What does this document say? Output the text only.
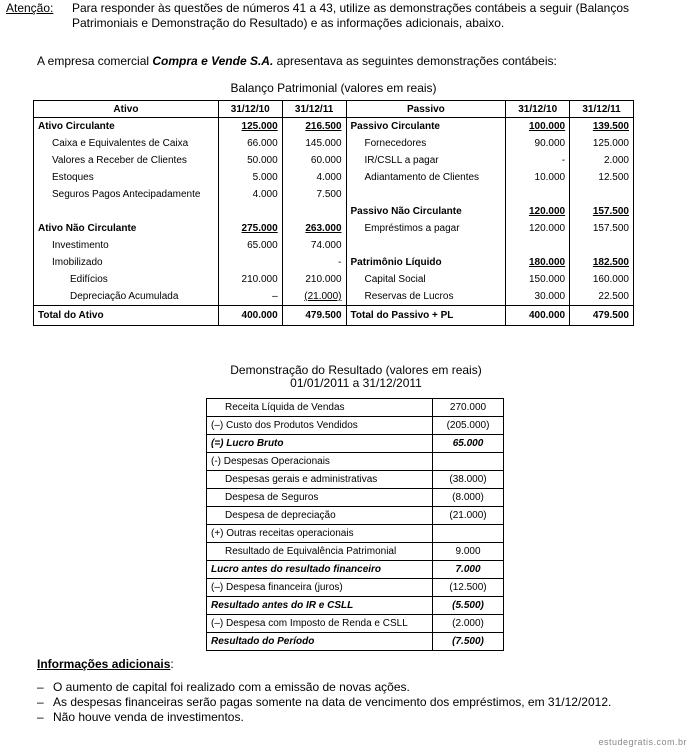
Atenção: Para responder às questões de números 41 a 43, utilize as demonstrações contábeis a seguir (Balanços Patrimoniais e Demonstração do Resultado) e as informações adicionais, abaixo.
A empresa comercial Compra e Vende S.A. apresentava as seguintes demonstrações contábeis:
Balanço Patrimonial (valores em reais)
Ativo	31/12/10	31/12/11	Passivo	31/12/10	31/12/11
Ativo Circulante	125.000	216.500	Passivo Circulante	100.000	139.500
Caixa e Equivalentes de Caixa	66.000	145.000	Fornecedores	90.000	125.000
Valores a Receber de Clientes	50.000	60.000	IR/CSLL a pagar	-	2.000
Estoques	5.000	4.000	Adiantamento de Clientes	10.000	12.500
Seguros Pagos Antecipadamente	4.000	7.500			
			Passivo Não Circulante	120.000	157.500
Ativo Não Circulante	275.000	263.000	Empréstimos a pagar	120.000	157.500
Investimento	65.000	74.000			
Imobilizado		-	Patrimônio Líquido	180.000	182.500
Edifícios	210.000	210.000	Capital Social	150.000	160.000
Depreciação Acumulada	–	(21.000)	Reservas de Lucros	30.000	22.500
Total do Ativo	400.000	479.500	Total do Passivo + PL	400.000	479.500
Demonstração do Resultado (valores em reais)
01/01/2011 a 31/12/2011
Receita Líquida de Vendas	270.000
(–) Custo dos Produtos Vendidos	(205.000)
(=) Lucro Bruto	65.000
(-) Despesas Operacionais	
Despesas gerais e administrativas	(38.000)
Despesa de Seguros	(8.000)
Despesa de depreciação	(21.000)
(+) Outras receitas operacionais	
Resultado de Equivalência Patrimonial	9.000
Lucro antes do resultado financeiro	7.000
(–) Despesa financeira (juros)	(12.500)
Resultado antes do IR e CSLL	(5.500)
(–) Despesa com Imposto de Renda e CSLL	(2.000)
Resultado do Período	(7.500)
Informações adicionais:
– O aumento de capital foi realizado com a emissão de novas ações.
– As despesas financeiras serão pagas somente na data de vencimento dos empréstimos, em 31/12/2012.
– Não houve venda de investimentos.
estudegratis.com.br
